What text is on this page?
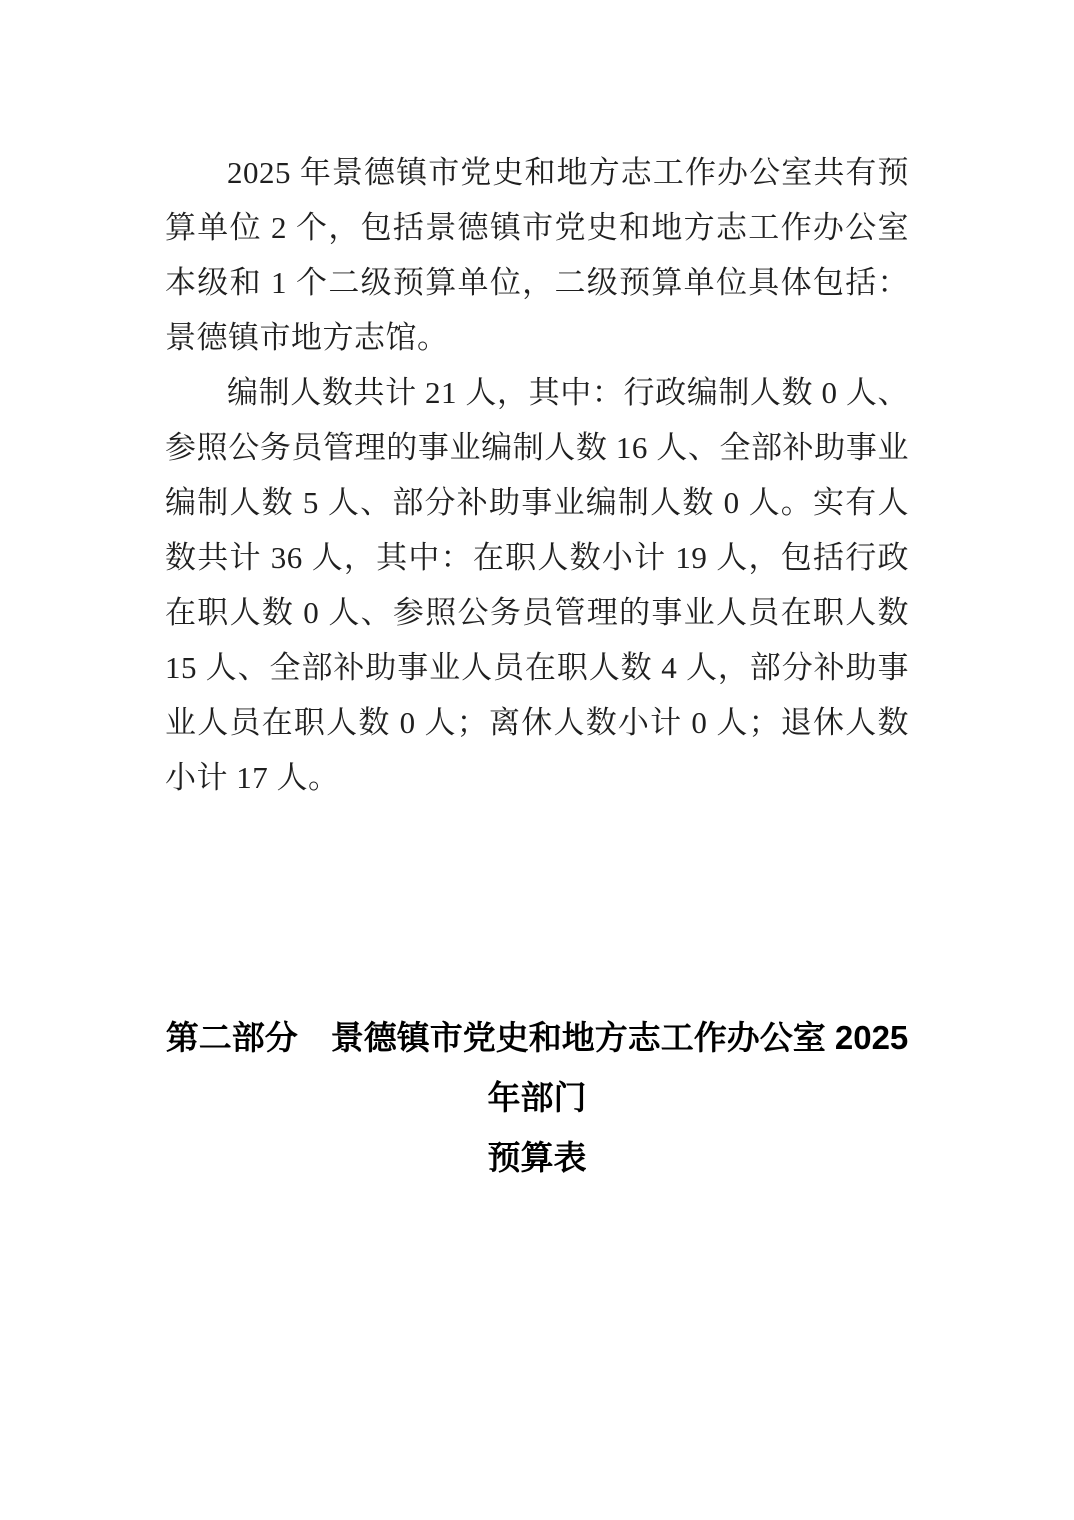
2025 年景德镇市党史和地方志工作办公室共有预算单位 2 个，包括景德镇市党史和地方志工作办公室本级和 1 个二级预算单位，二级预算单位具体包括：景德镇市地方志馆。

编制人数共计 21 人，其中：行政编制人数 0 人、参照公务员管理的事业编制人数 16 人、全部补助事业编制人数 5 人、部分补助事业编制人数 0 人。实有人数共计 36 人，其中：在职人数小计 19 人，包括行政在职人数 0 人、参照公务员管理的事业人员在职人数 15 人、全部补助事业人员在职人数 4 人，部分补助事业人员在职人数 0 人；离休人数小计 0 人；退休人数小计 17 人。

第二部分　景德镇市党史和地方志工作办公室 2025 年部门
预算表
